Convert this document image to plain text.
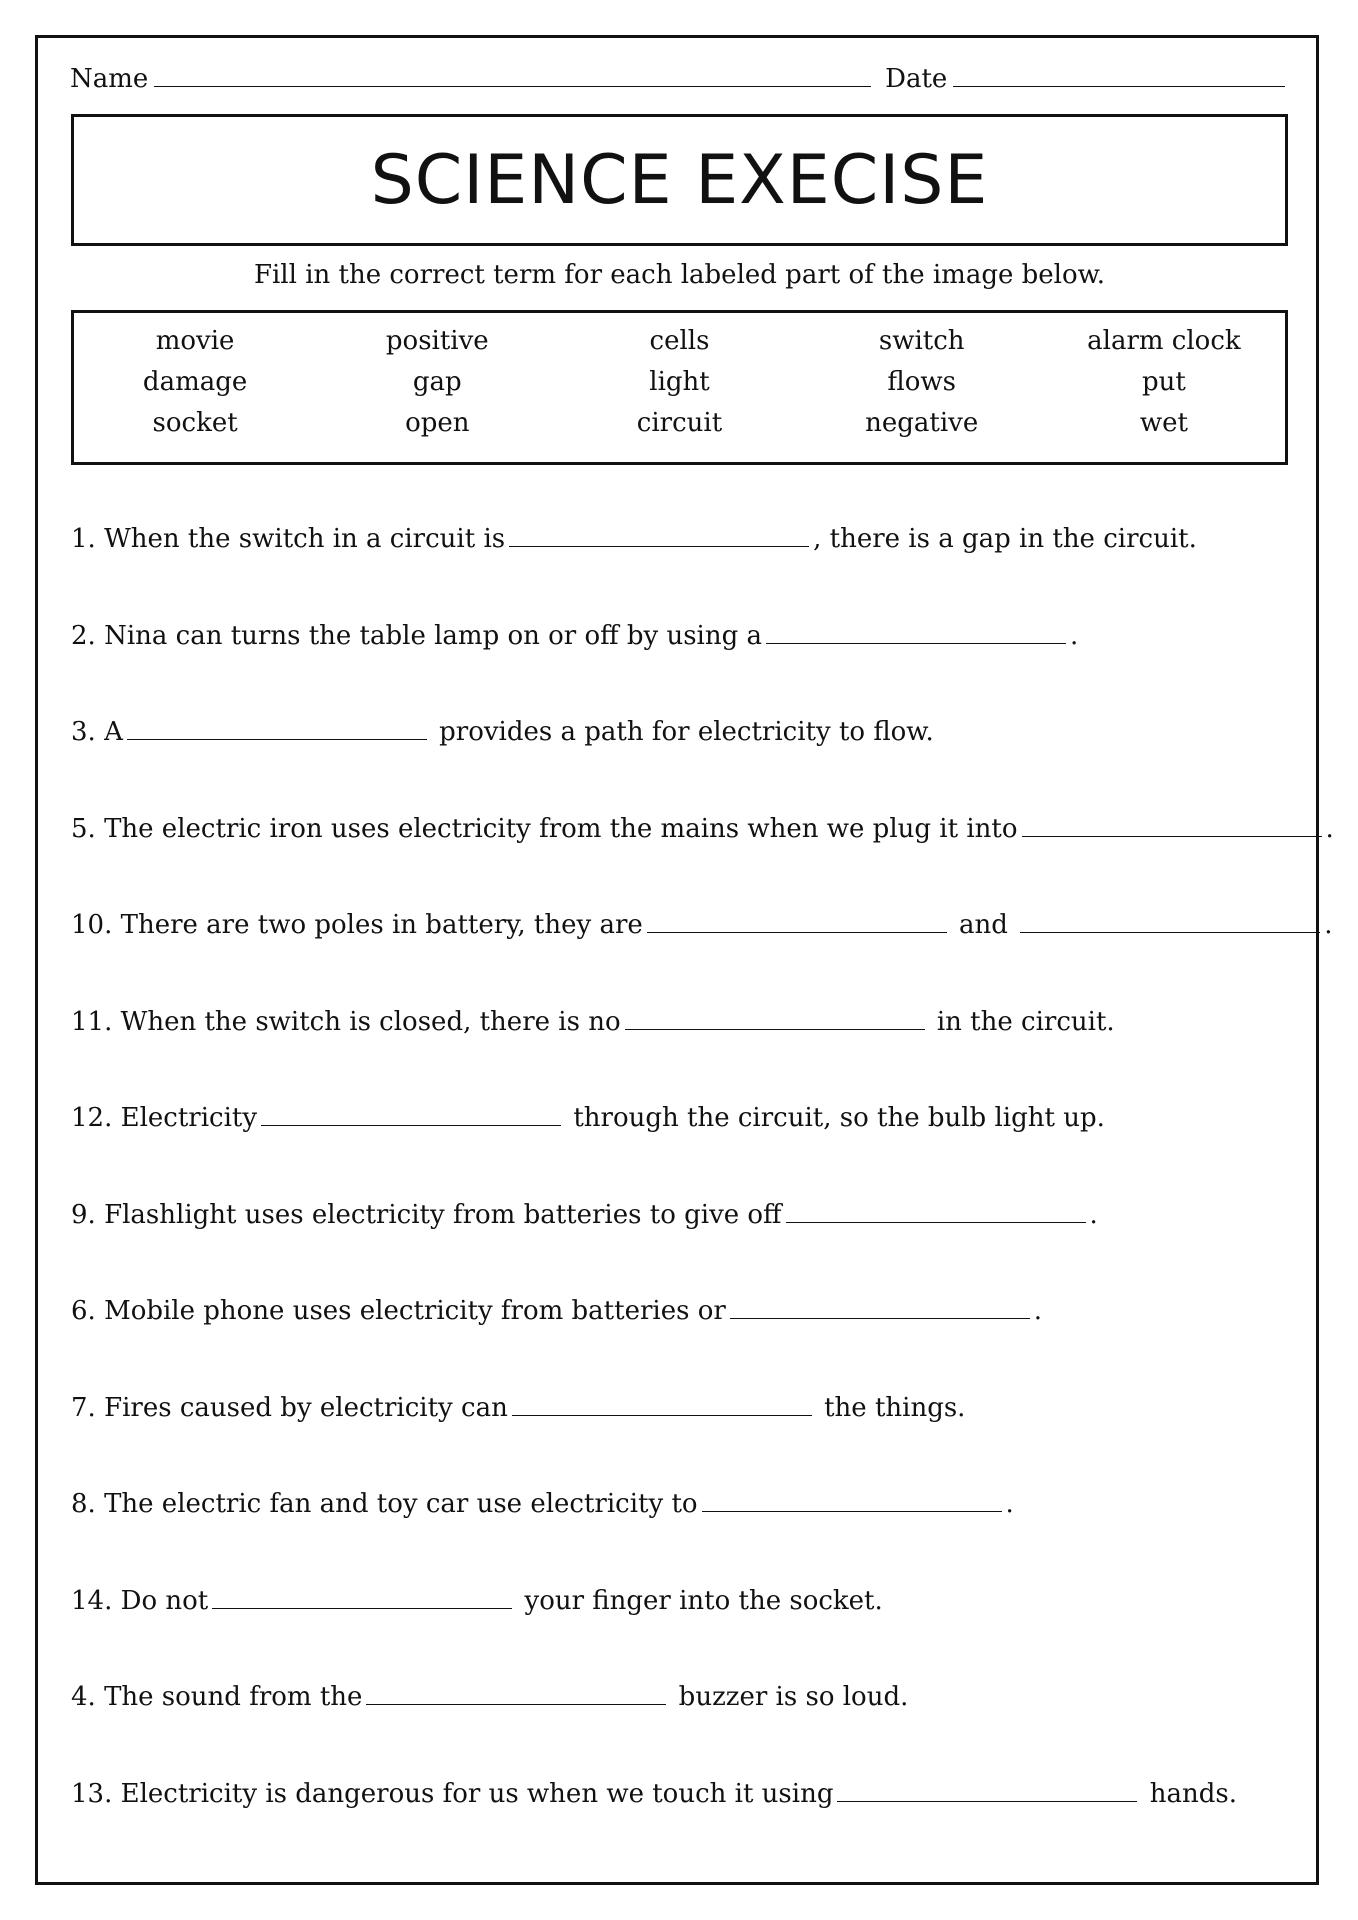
Name	Date
SCIENCE EXECISE
Fill in the correct term for each labeled part of the image below.
movie	positive	cells	switch	alarm clock
damage	gap	light	flows	put
socket	open	circuit	negative	wet
1. When the switch in a circuit is	, there is a gap in the circuit.
2. Nina can turns the table lamp on or off by using a	.
3. A	provides a path for electricity to flow.
5. The electric iron uses electricity from the mains when we plug it into	.
10. There are two poles in battery, they are	and	.
11. When the switch is closed, there is no	in the circuit.
12. Electricity	through the circuit, so the bulb light up.
9. Flashlight uses electricity from batteries to give off	.
6. Mobile phone uses electricity from batteries or	.
7. Fires caused by electricity can	the things.
8. The electric fan and toy car use electricity to	.
14. Do not	your finger into the socket.
4. The sound from the	buzzer is so loud.
13. Electricity is dangerous for us when we touch it using	hands.
